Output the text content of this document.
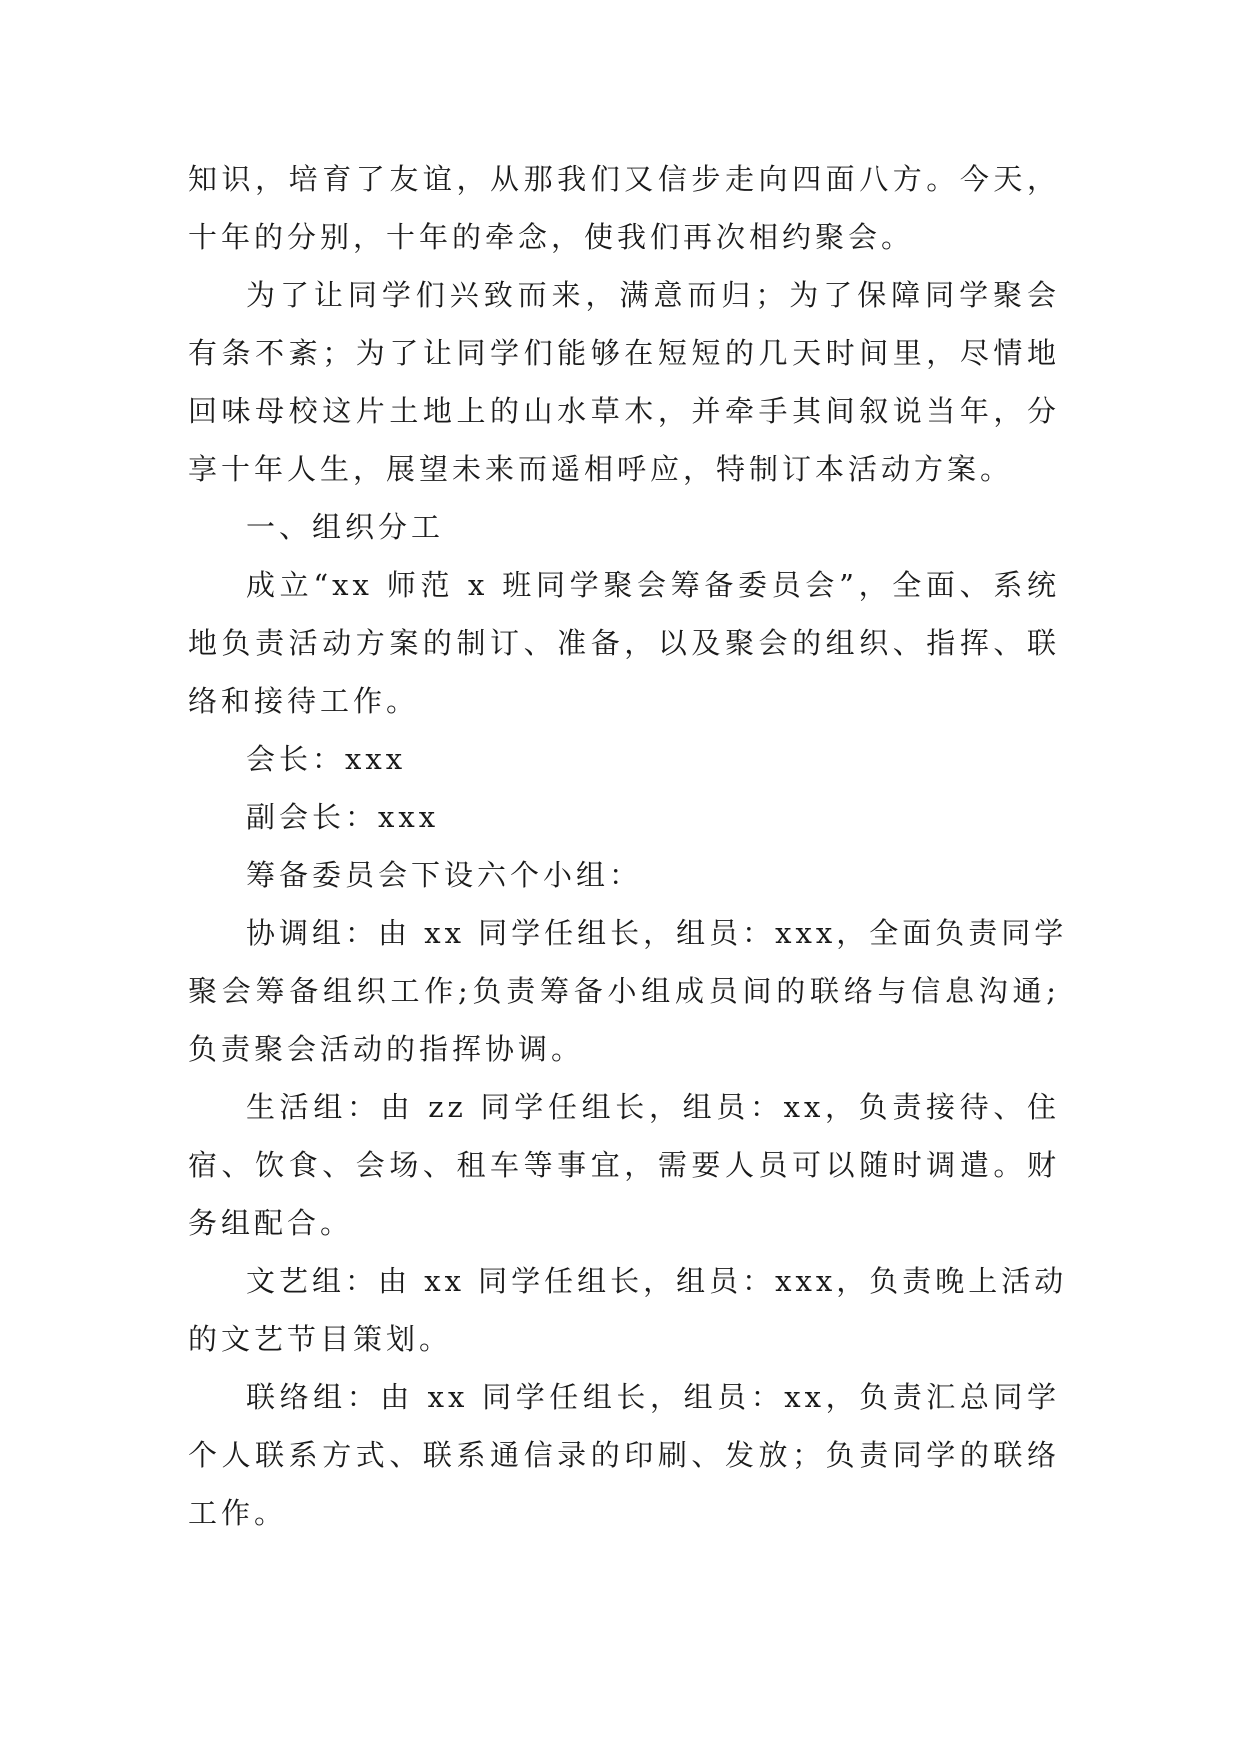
知识，培育了友谊，从那我们又信步走向四面八方。今天，
十年的分别，十年的牵念，使我们再次相约聚会。
为了让同学们兴致而来，满意而归；为了保障同学聚会
有条不紊；为了让同学们能够在短短的几天时间里，尽情地
回味母校这片土地上的山水草木，并牵手其间叙说当年，分
享十年人生，展望未来而遥相呼应，特制订本活动方案。
一、组织分工
成立“xx 师范 x 班同学聚会筹备委员会”，全面、系统
地负责活动方案的制订、准备，以及聚会的组织、指挥、联
络和接待工作。
会长：xxx
副会长：xxx
筹备委员会下设六个小组：
协调组：由 xx 同学任组长，组员：xxx，全面负责同学
聚会筹备组织工作;负责筹备小组成员间的联络与信息沟通;
负责聚会活动的指挥协调。
生活组：由 zz 同学任组长，组员：xx，负责接待、住
宿、饮食、会场、租车等事宜，需要人员可以随时调遣。财
务组配合。
文艺组：由 xx 同学任组长，组员：xxx，负责晚上活动
的文艺节目策划。
联络组：由 xx 同学任组长，组员：xx，负责汇总同学
个人联系方式、联系通信录的印刷、发放；负责同学的联络
工作。
